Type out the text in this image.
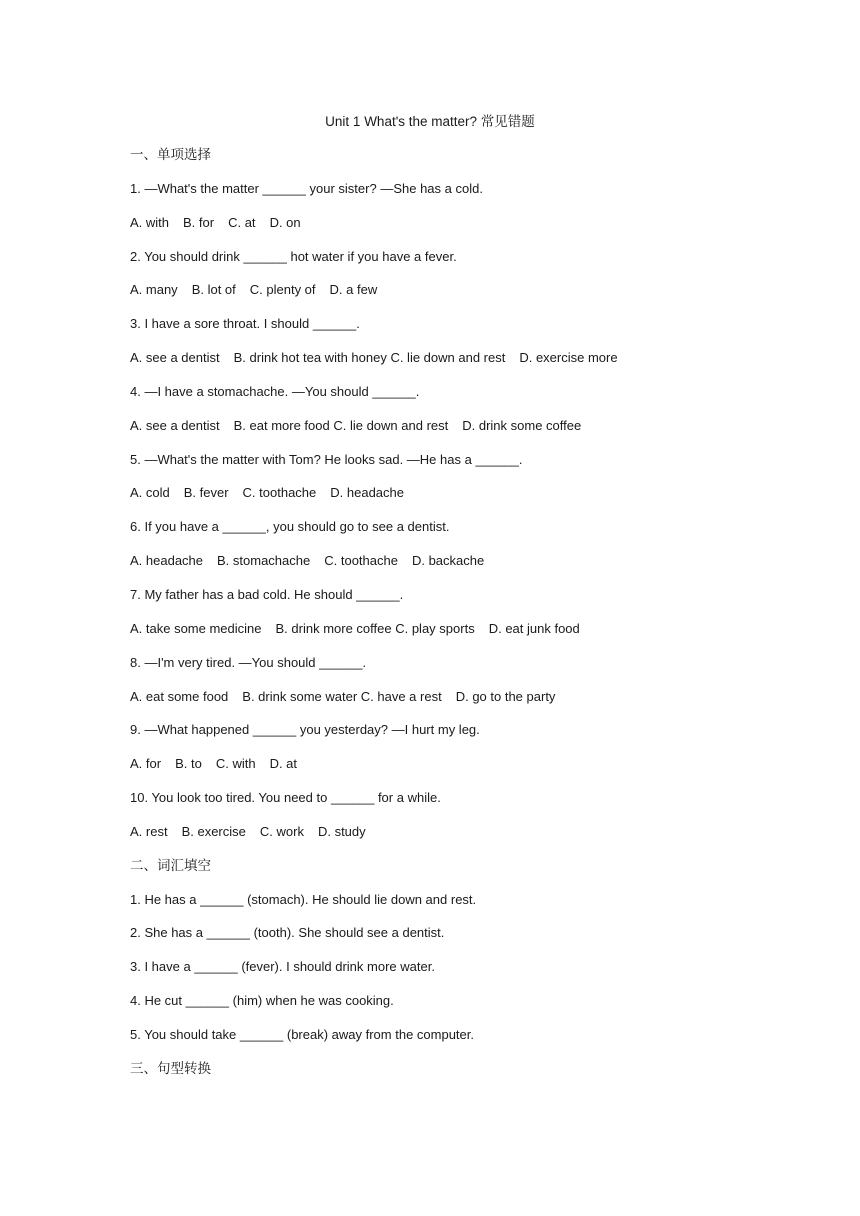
Unit 1 What's the matter? 常见错题
一、单项选择
1. —What's the matter ______ your sister? —She has a cold.
A. with B. for C. at D. on
2. You should drink ______ hot water if you have a fever.
A. many B. lot of C. plenty of D. a few
3. I have a sore throat. I should ______.
A. see a dentist B. drink hot tea with honey C. lie down and rest D. exercise more
4. —I have a stomachache. —You should ______.
A. see a dentist B. eat more food C. lie down and rest D. drink some coffee
5. —What's the matter with Tom? He looks sad. —He has a ______.
A. cold B. fever C. toothache D. headache
6. If you have a ______, you should go to see a dentist.
A. headache B. stomachache C. toothache D. backache
7. My father has a bad cold. He should ______.
A. take some medicine B. drink more coffee C. play sports D. eat junk food
8. —I'm very tired. —You should ______.
A. eat some food B. drink some water C. have a rest D. go to the party
9. —What happened ______ you yesterday? —I hurt my leg.
A. for B. to C. with D. at
10. You look too tired. You need to ______ for a while.
A. rest B. exercise C. work D. study
二、词汇填空
1. He has a ______ (stomach). He should lie down and rest.
2. She has a ______ (tooth). She should see a dentist.
3. I have a ______ (fever). I should drink more water.
4. He cut ______ (him) when he was cooking.
5. You should take ______ (break) away from the computer.
三、句型转换
